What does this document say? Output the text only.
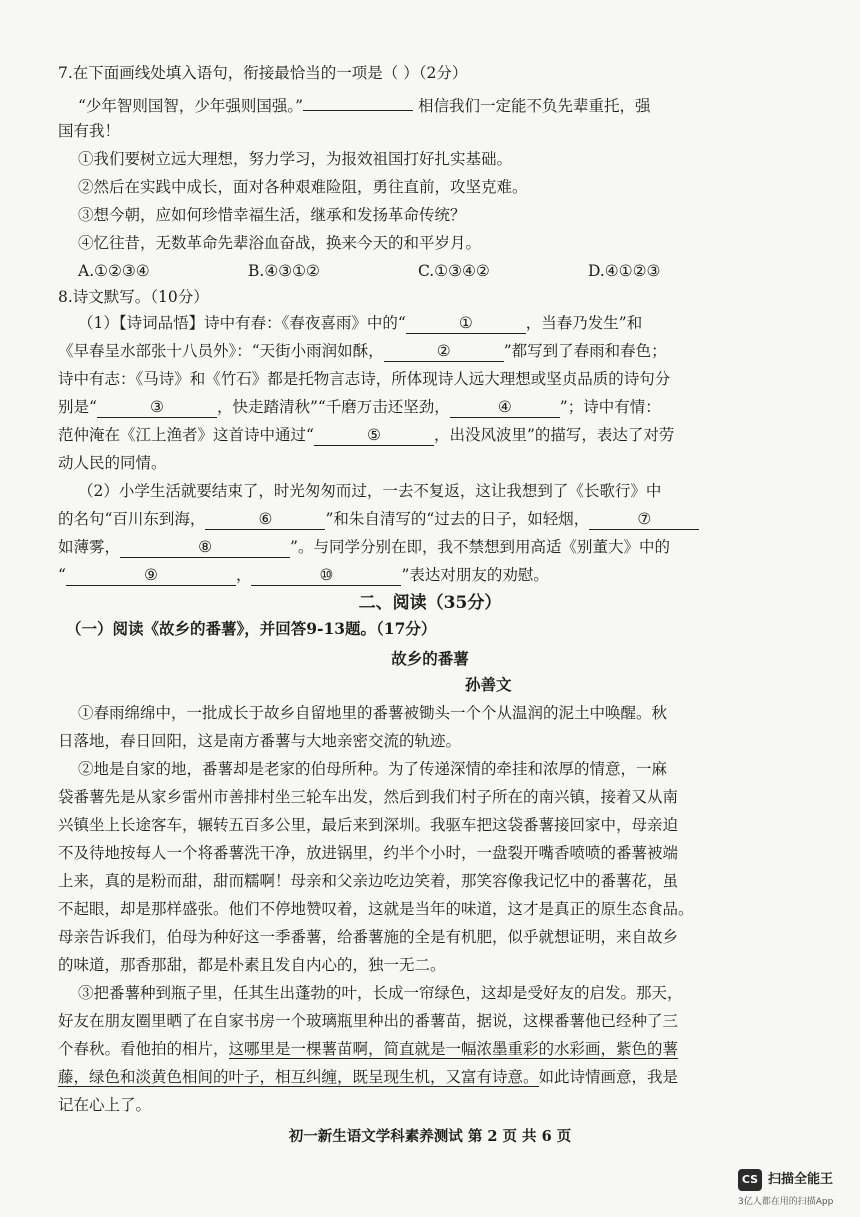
7.在下面画线处填入语句，衔接最恰当的一项是（ ）（2分）
“少年智则国智，少年强则国强。”	相信我们一定能不负先辈重托，强
国有我！
①我们要树立远大理想，努力学习，为报效祖国打好扎实基础。
②然后在实践中成长，面对各种艰难险阻，勇往直前，攻坚克难。
③想今朝，应如何珍惜幸福生活，继承和发扬革命传统？
④忆往昔，无数革命先辈浴血奋战，换来今天的和平岁月。
A.①②③④	B.④③①②	C.①③④②	D.④①②③
8.诗文默写。（10分）
（1）【诗词品悟】诗中有春：《春夜喜雨》中的“	①	，当春乃发生”和
《早春呈水部张十八员外》：“天街小雨润如酥，	②	”都写到了春雨和春色；
诗中有志：《马诗》和《竹石》都是托物言志诗，所体现诗人远大理想或坚贞品质的诗句分
别是“	③	，快走踏清秋”“千磨万击还坚劲，	④	”；诗中有情：
范仲淹在《江上渔者》这首诗中通过“	⑤	，出没风波里”的描写，表达了对劳
动人民的同情。
（2）小学生活就要结束了，时光匆匆而过，一去不复返，这让我想到了《长歌行》中
的名句“百川东到海，	⑥	”和朱自清写的“过去的日子，如轻烟，	⑦
如薄雾，	⑧	”。与同学分别在即，我不禁想到用高适《别董大》中的
“	⑨	，	⑩	”表达对朋友的劝慰。
二、阅读（35分）
（一）阅读《故乡的番薯》，并回答9-13题。（17分）
故乡的番薯
孙善文
①春雨绵绵中，一批成长于故乡自留地里的番薯被锄头一个个从温润的泥土中唤醒。秋
日落地，春日回阳，这是南方番薯与大地亲密交流的轨迹。
②地是自家的地，番薯却是老家的伯母所种。为了传递深情的牵挂和浓厚的情意，一麻
袋番薯先是从家乡雷州市善排村坐三轮车出发，然后到我们村子所在的南兴镇，接着又从南
兴镇坐上长途客车，辗转五百多公里，最后来到深圳。我驱车把这袋番薯接回家中，母亲迫
不及待地按每人一个将番薯洗干净，放进锅里，约半个小时，一盘裂开嘴香喷喷的番薯被端
上来，真的是粉而甜，甜而糯啊！母亲和父亲边吃边笑着，那笑容像我记忆中的番薯花，虽
不起眼，却是那样盛张。他们不停地赞叹着，这就是当年的味道，这才是真正的原生态食品。
母亲告诉我们，伯母为种好这一季番薯，给番薯施的全是有机肥，似乎就想证明，来自故乡
的味道，那香那甜，都是朴素且发自内心的，独一无二。
③把番薯种到瓶子里，任其生出蓬勃的叶，长成一帘绿色，这却是受好友的启发。那天，
好友在朋友圈里晒了在自家书房一个玻璃瓶里种出的番薯苗，据说，这棵番薯他已经种了三
个春秋。看他拍的相片，这哪里是一棵薯苗啊，简直就是一幅浓墨重彩的水彩画，紫色的薯
藤，绿色和淡黄色相间的叶子，相互纠缠，既呈现生机，又富有诗意。如此诗情画意，我是
记在心上了。
初一新生语文学科素养测试 第 2 页 共 6 页
CS 扫描全能王
3亿人都在用的扫描App
